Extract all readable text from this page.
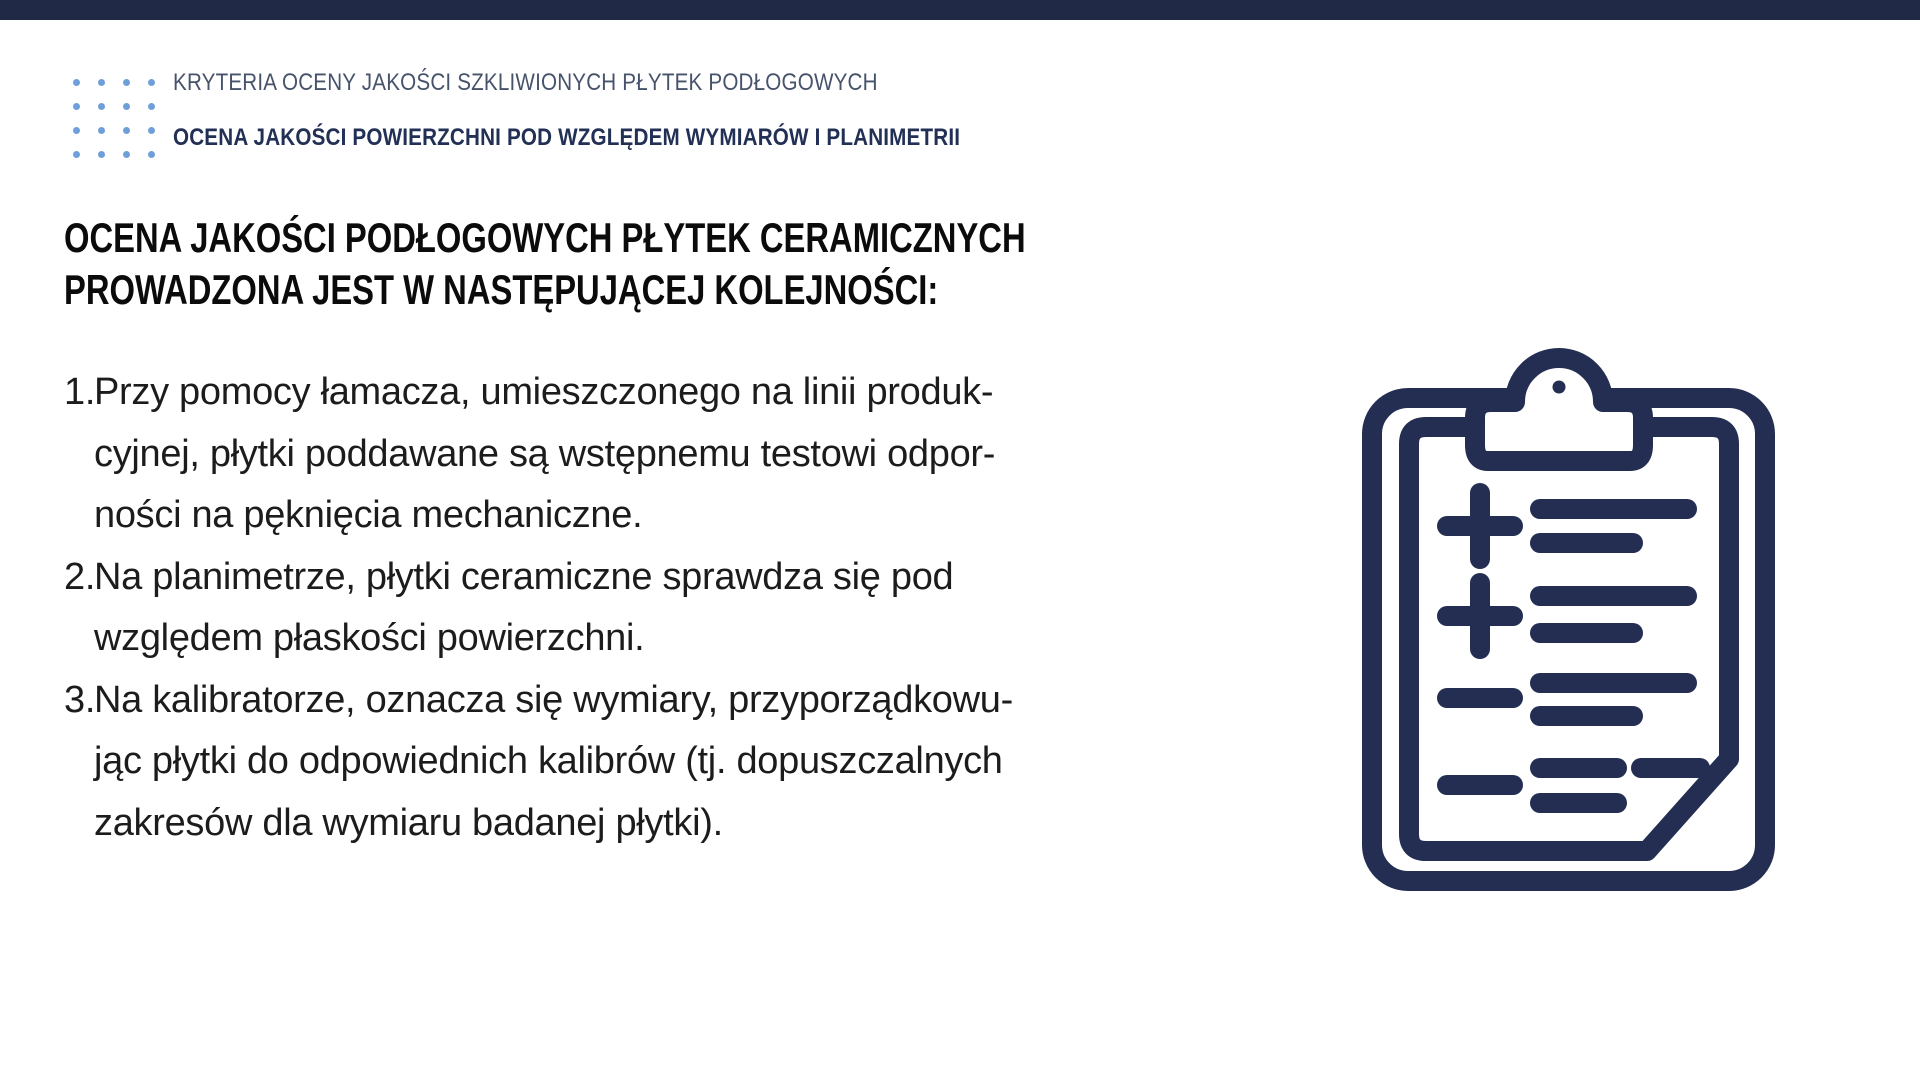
KRYTERIA OCENY JAKOŚCI SZKLIWIONYCH PŁYTEK PODŁOGOWYCH
OCENA JAKOŚCI POWIERZCHNI POD WZGLĘDEM WYMIARÓW I PLANIMETRII
OCENA JAKOŚCI PODŁOGOWYCH PŁYTEK CERAMICZNYCH
PROWADZONA JEST W NASTĘPUJĄCEJ KOLEJNOŚCI:
1.
Przy pomocy łamacza, umieszczonego na linii produk-
cyjnej, płytki poddawane są wstępnemu testowi odpor-
ności na pęknięcia mechaniczne.
2.
Na planimetrze, płytki ceramiczne sprawdza się pod
względem płaskości powierzchni.
3.
Na kalibratorze, oznacza się wymiary, przyporządkowu-
jąc płytki do odpowiednich kalibrów (tj. dopuszczalnych
zakresów dla wymiaru badanej płytki).
